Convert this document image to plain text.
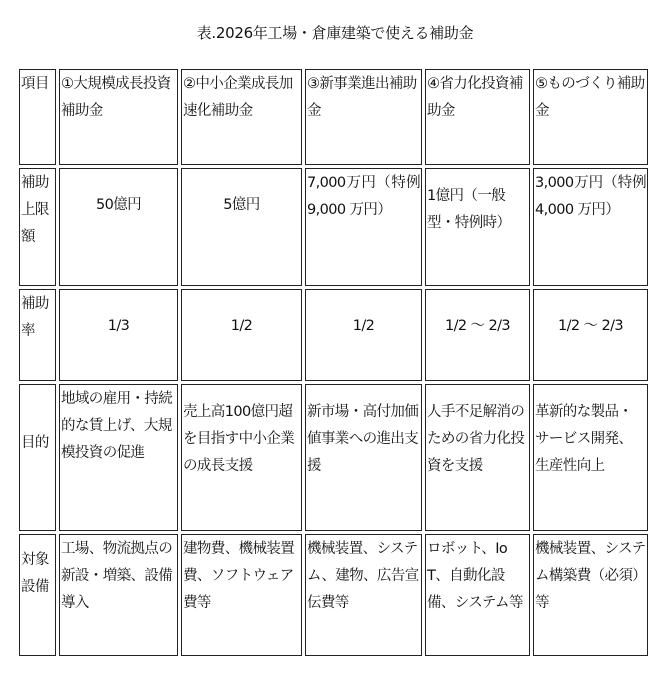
表.2026年工場・倉庫建築で使える補助金
項目	①大規模成長投資補助金	②中小企業成長加速化補助金	③新事業進出補助金	④省力化投資補助金	⑤ものづくり補助金
補助上限額	50億円	5億円	7,000万円（特例 9,000 万円）	1億円（一般型・特例時）	3,000万円（特例 4,000 万円）
補助率	1/3	1/2	1/2	1/2 〜 2/3	1/2 〜 2/3

目的	地域の雇用・持続的な賃上げ、大規模投資の促進	売上高100億円超を目指す中小企業の成長支援	新市場・高付加価値事業への進出支援	人手不足解消のための省力化投資を支援	革新的な製品・サービス開発、生産性向上
対象設備	工場、物流拠点の新設・増築、設備導入	建物費、機械装置費、ソフトウェア費等	機械装置、システム、建物、広告宣伝費等	ロボット、IoT、自動化設備、システム等	機械装置、システム構築費（必須）等
